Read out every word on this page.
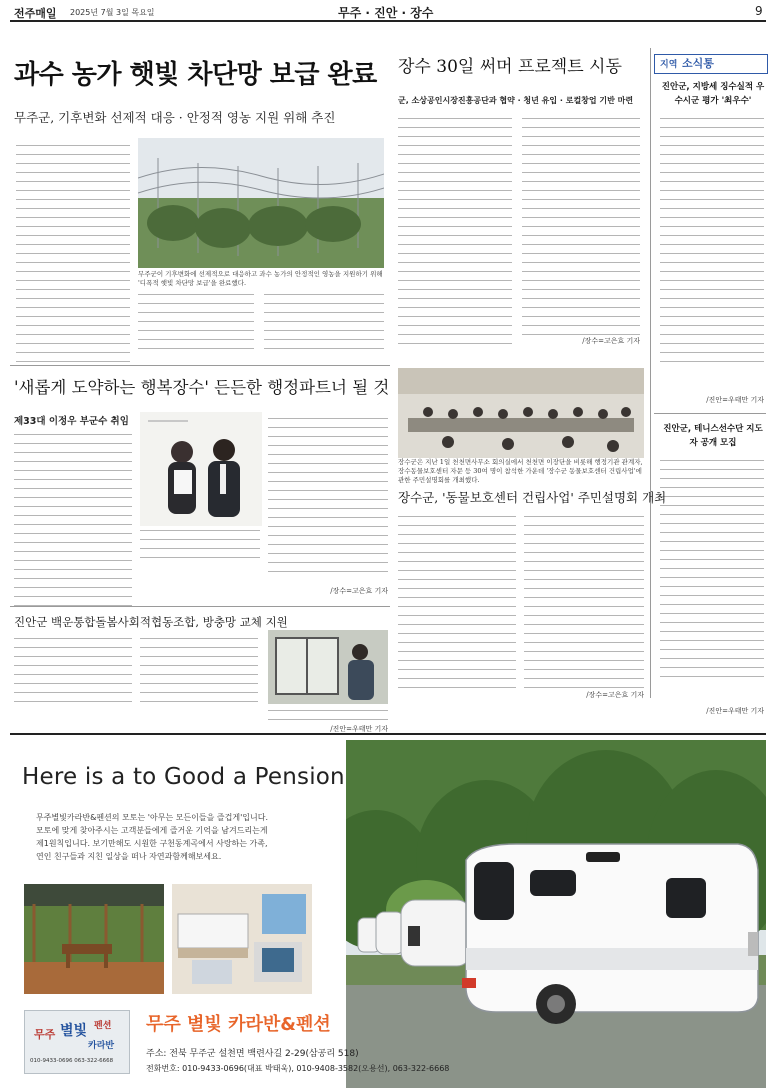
전주매일 2025년 7월 3일 목요일	무주 · 진안 · 장수	9
과수 농가 햇빛 차단망 보급 완료
무주군, 기후변화 선제적 대응 · 안정적 영농 지원 위해 추진
무주군이 기후변화에 선제적으로 대응하고 과수 농가의 안정적인 영농을 지원하기 위해 '디폭적 햇빛 차단망 보급'을 완료했다.
장수 30일 써머 프로젝트 시동
군, 소상공인시장진흥공단과 협약 · 청년 유입 · 로컬창업 기반 마련
/장수=고은효 기자
지역 소식통
진안군, 지방세 징수실적 우수시군 평가 '최우수'
/진안=우태만 기자
진안군, 테니스선수단 지도자 공개 모집
/진안=우태만 기자
'새롭게 도약하는 행복장수' 든든한 행정파트너 될 것
제33대 이정우 부군수 취임
/장수=고은효 기자
장수군은 지난 1일 천천면사무소 회의실에서 천천면 이장단을 비롯해 행정기관 관계자, 장수동물보호센터 자문 등 30여 명이 참석한 가운데 '장수군 동물보호센터 건립사업'에 관한 주민설명회를 개최했다.
장수군, '동물보호센터 건립사업' 주민설명회 개최
/장수=고은효 기자
진안군 백운통합돌봄사회적협동조합, 방충망 교체 지원
/진안=우태만 기자
Here is a to Good a Pension
무주별빛카라반&펜션의 모토는 '아무는 모든이들을 즐겁게'입니다.
모토에 맞게 찾아주시는 고객분들에게 즐거운 기억을 남겨드리는게
제1원칙입니다. 보기만해도 시원한 구천동계곡에서 사랑하는 가족,
연인 친구들과 지친 일상을 떠나 자연과함께해보세요.
무주 별빛 펜션
카라반
010-9433-0696 063-322-6668
무주 별빛 카라반&펜션
주소: 전북 무주군 설천면 백련사길 2-29(삼공리 518)
전화번호: 010-9433-0696(대표 박태욱), 010-9408-3582(오용선), 063-322-6668
